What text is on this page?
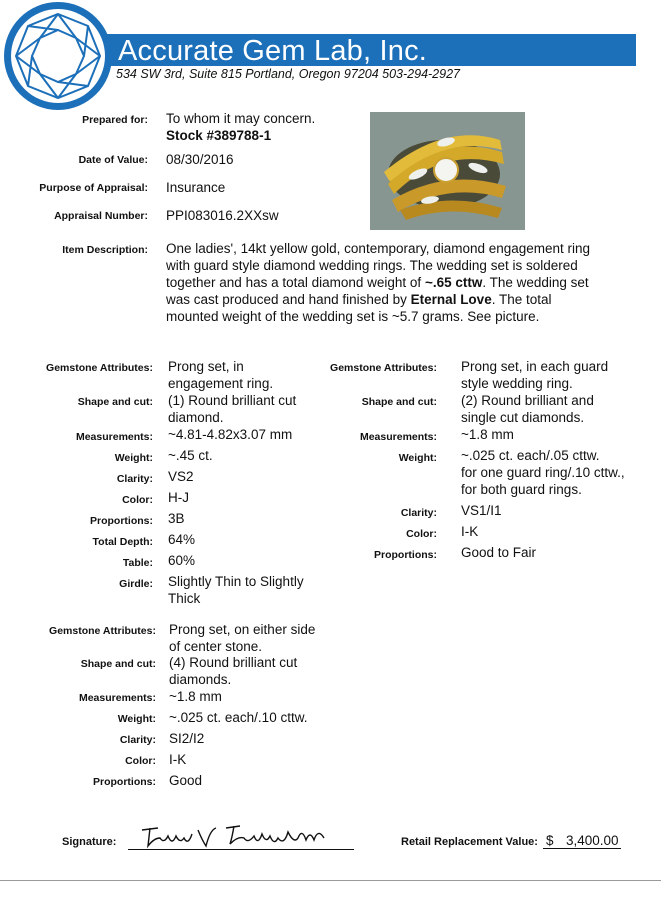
Accurate Gem Lab, Inc.
534 SW 3rd, Suite 815 Portland, Oregon 97204 503-294-2927
Prepared for: To whom it may concern.
Stock #389788-1
Date of Value: 08/30/2016
Purpose of Appraisal: Insurance
Appraisal Number: PPI083016.2XXsw
Item Description: One ladies', 14kt yellow gold, contemporary, diamond engagement ring
with guard style diamond wedding rings. The wedding set is soldered
together and has a total diamond weight of ~.65 cttw. The wedding set
was cast produced and hand finished by Eternal Love. The total
mounted weight of the wedding set is ~5.7 grams. See picture.
Gemstone Attributes: Prong set, in
engagement ring.
Shape and cut: (1) Round brilliant cut
diamond.
Measurements: ~4.81-4.82x3.07 mm
Weight: ~.45 ct.
Clarity: VS2
Color: H-J
Proportions: 3B
Total Depth: 64%
Table: 60%
Girdle: Slightly Thin to Slightly
Thick
Gemstone Attributes: Prong set, in each guard
style wedding ring.
Shape and cut: (2) Round brilliant and
single cut diamonds.
Measurements: ~1.8 mm
Weight: ~.025 ct. each/.05 cttw.
for one guard ring/.10 cttw.,
for both guard rings.
Clarity: VS1/I1
Color: I-K
Proportions: Good to Fair
Gemstone Attributes: Prong set, on either side
of center stone.
Shape and cut: (4) Round brilliant cut
diamonds.
Measurements: ~1.8 mm
Weight: ~.025 ct. each/.10 cttw.
Clarity: SI2/I2
Color: I-K
Proportions: Good
Signature:	Retail Replacement Value: $ 3,400.00
